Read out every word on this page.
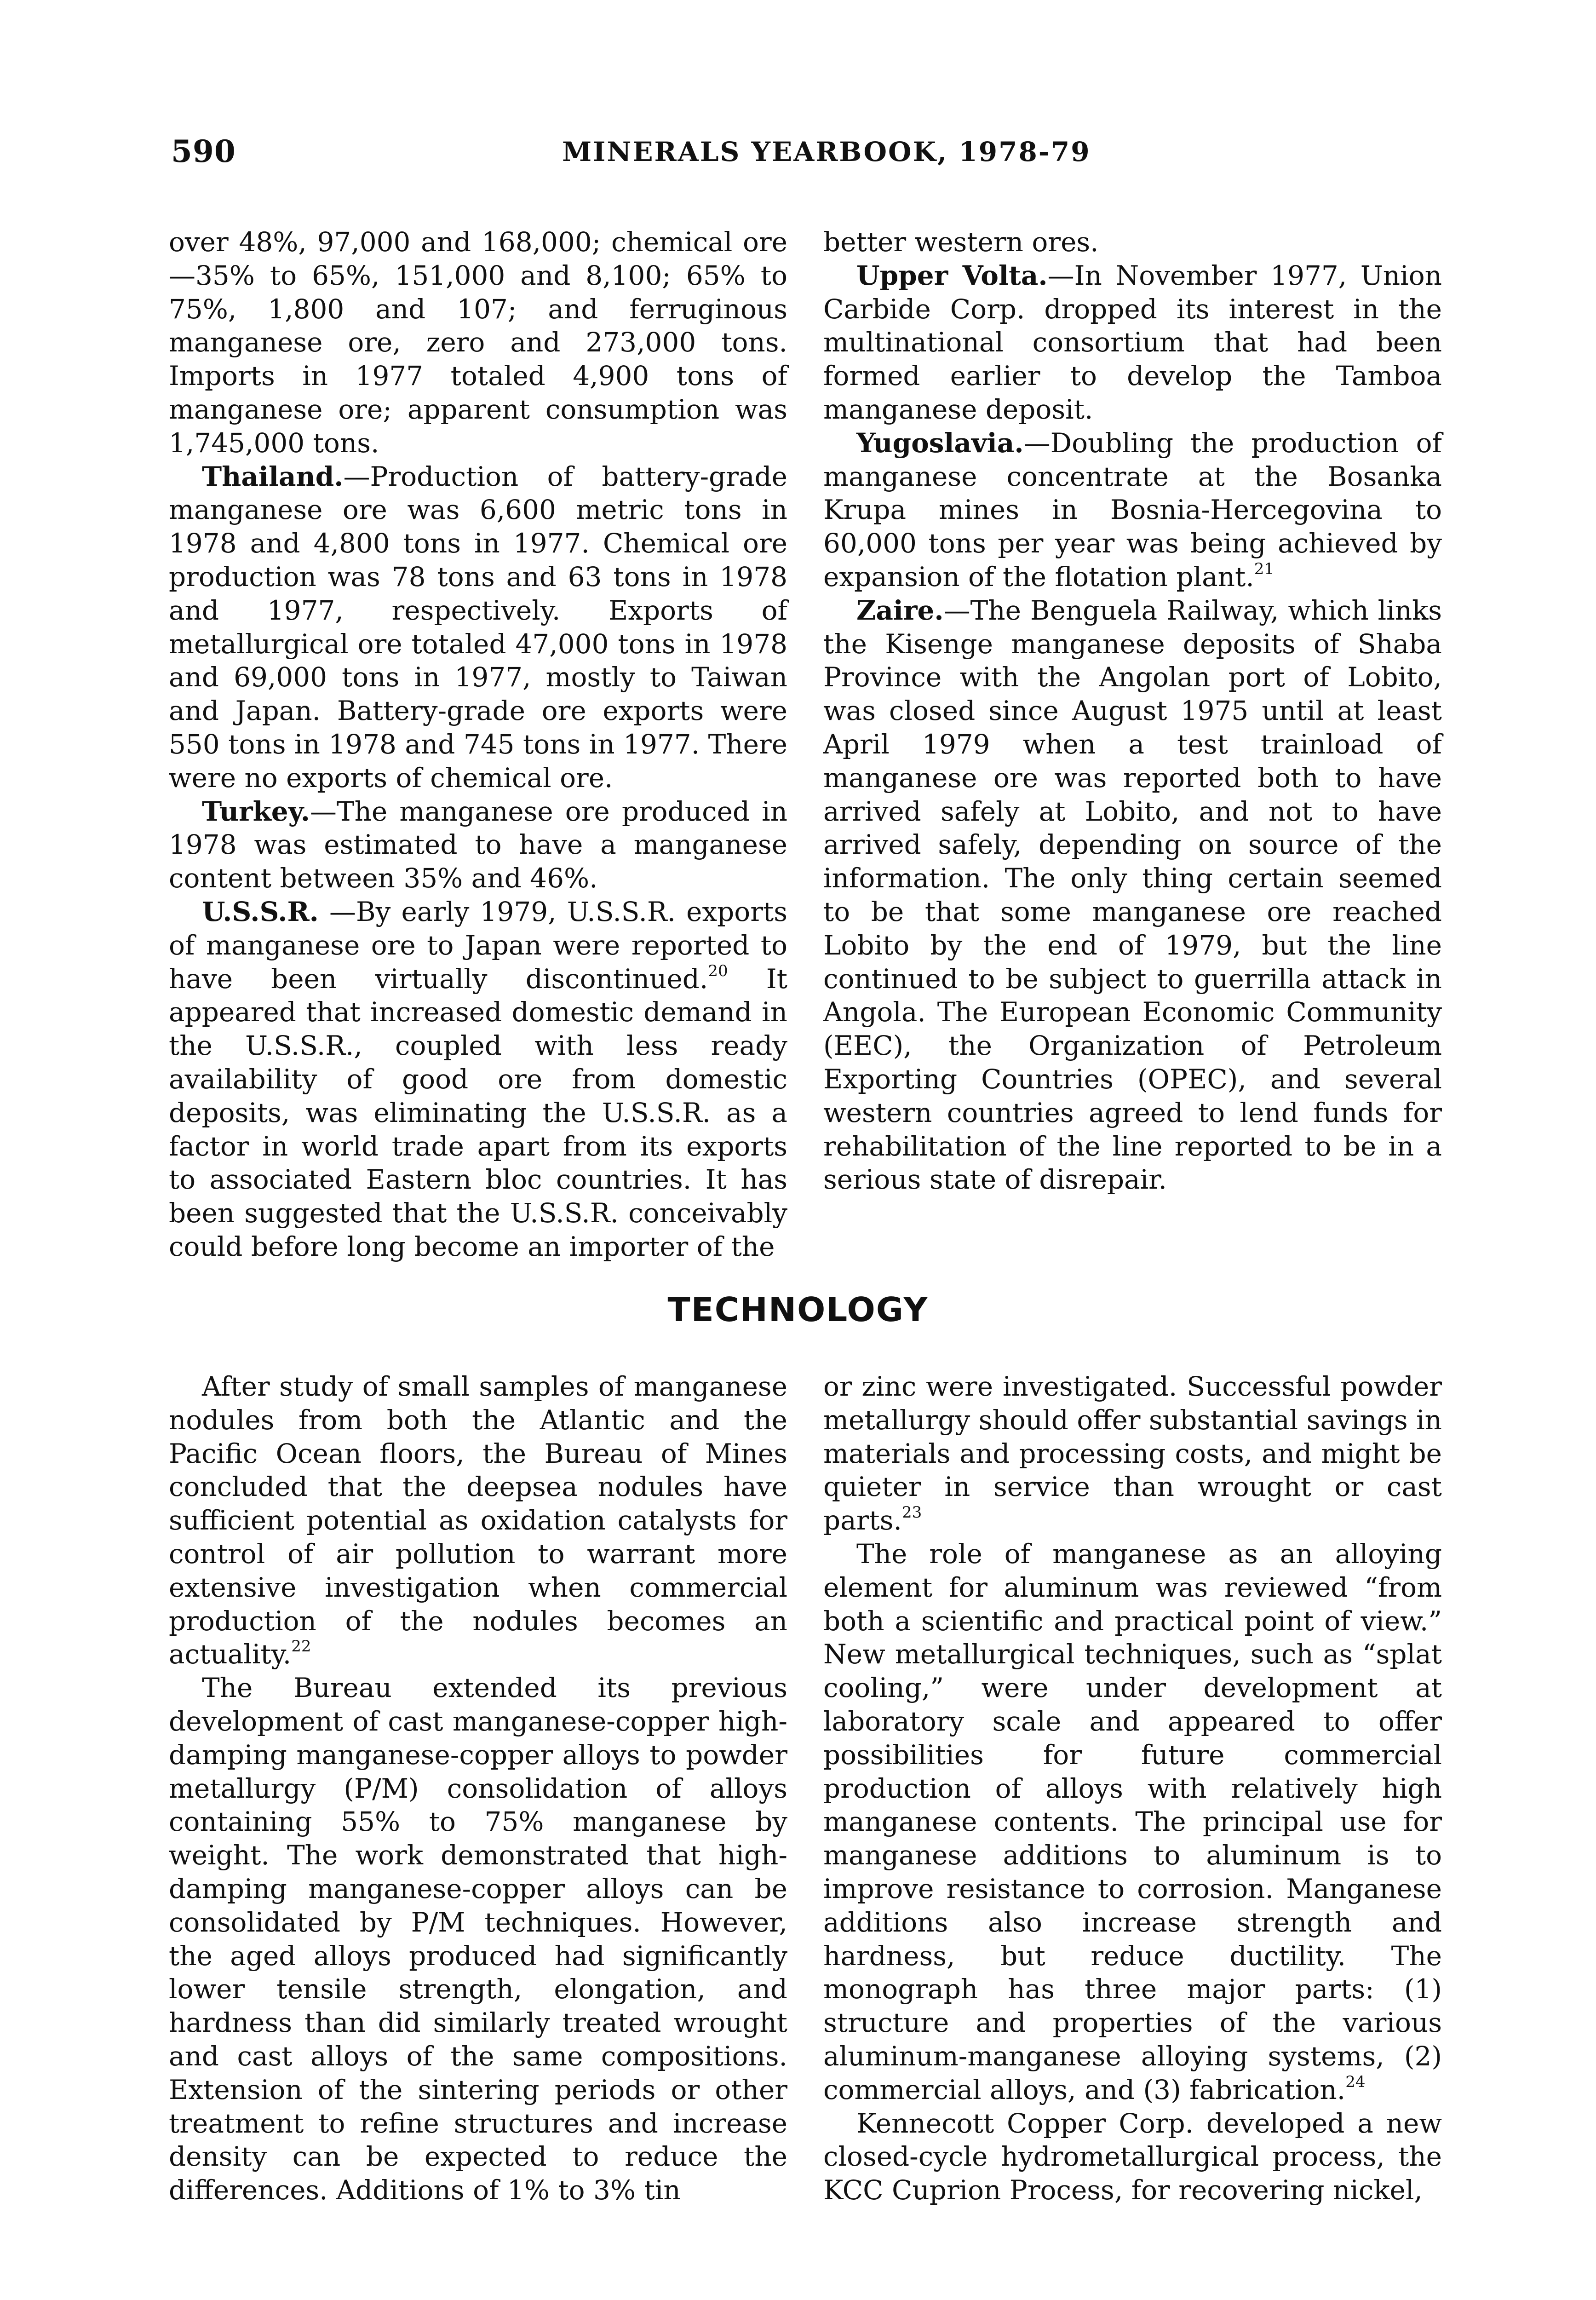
590	MINERALS YEARBOOK, 1978-79

over 48%, 97,000 and 168,000; chemical ore—35% to 65%, 151,000 and 8,100; 65% to 75%, 1,800 and 107; and ferruginous manganese ore, zero and 273,000 tons. Imports in 1977 totaled 4,900 tons of manganese ore; apparent consumption was 1,745,000 tons.

Thailand.—Production of battery-grade manganese ore was 6,600 metric tons in 1978 and 4,800 tons in 1977. Chemical ore production was 78 tons and 63 tons in 1978 and 1977, respectively. Exports of metallurgical ore totaled 47,000 tons in 1978 and 69,000 tons in 1977, mostly to Taiwan and Japan. Battery-grade ore exports were 550 tons in 1978 and 745 tons in 1977. There were no exports of chemical ore.

Turkey.—The manganese ore produced in 1978 was estimated to have a manganese content between 35% and 46%.

U.S.S.R. —By early 1979, U.S.S.R. exports of manganese ore to Japan were reported to have been virtually discontinued.$^{20}$ It appeared that increased domestic demand in the U.S.S.R., coupled with less ready availability of good ore from domestic deposits, was eliminating the U.S.S.R. as a factor in world trade apart from its exports to associated Eastern bloc countries. It has been suggested that the U.S.S.R. conceivably could before long become an importer of the

better western ores.

Upper Volta.—In November 1977, Union Carbide Corp. dropped its interest in the multinational consortium that had been formed earlier to develop the Tamboa manganese deposit.

Yugoslavia.—Doubling the production of manganese concentrate at the Bosanka Krupa mines in Bosnia-Hercegovina to 60,000 tons per year was being achieved by expansion of the flotation plant.$^{21}$

Zaire.—The Benguela Railway, which links the Kisenge manganese deposits of Shaba Province with the Angolan port of Lobito, was closed since August 1975 until at least April 1979 when a test trainload of manganese ore was reported both to have arrived safely at Lobito, and not to have arrived safely, depending on source of the information. The only thing certain seemed to be that some manganese ore reached Lobito by the end of 1979, but the line continued to be subject to guerrilla attack in Angola. The European Economic Community (EEC), the Organization of Petroleum Exporting Countries (OPEC), and several western countries agreed to lend funds for rehabilitation of the line reported to be in a serious state of disrepair.

TECHNOLOGY

After study of small samples of manganese nodules from both the Atlantic and the Pacific Ocean floors, the Bureau of Mines concluded that the deepsea nodules have sufficient potential as oxidation catalysts for control of air pollution to warrant more extensive investigation when commercial production of the nodules becomes an actuality.$^{22}$

The Bureau extended its previous development of cast manganese-copper high-damping manganese-copper alloys to powder metallurgy (P/M) consolidation of alloys containing 55% to 75% manganese by weight. The work demonstrated that high-damping manganese-copper alloys can be consolidated by P/M techniques. However, the aged alloys produced had significantly lower tensile strength, elongation, and hardness than did similarly treated wrought and cast alloys of the same compositions. Extension of the sintering periods or other treatment to refine structures and increase density can be expected to reduce the differences. Additions of 1% to 3% tin

or zinc were investigated. Successful powder metallurgy should offer substantial savings in materials and processing costs, and might be quieter in service than wrought or cast parts.$^{23}$

The role of manganese as an alloying element for aluminum was reviewed “from both a scientific and practical point of view.” New metallurgical techniques, such as “splat cooling,” were under development at laboratory scale and appeared to offer possibilities for future commercial production of alloys with relatively high manganese contents. The principal use for manganese additions to aluminum is to improve resistance to corrosion. Manganese additions also increase strength and hardness, but reduce ductility. The monograph has three major parts: (1) structure and properties of the various aluminum-manganese alloying systems, (2) commercial alloys, and (3) fabrication.$^{24}$

Kennecott Copper Corp. developed a new closed-cycle hydrometallurgical process, the KCC Cuprion Process, for recovering nickel,
